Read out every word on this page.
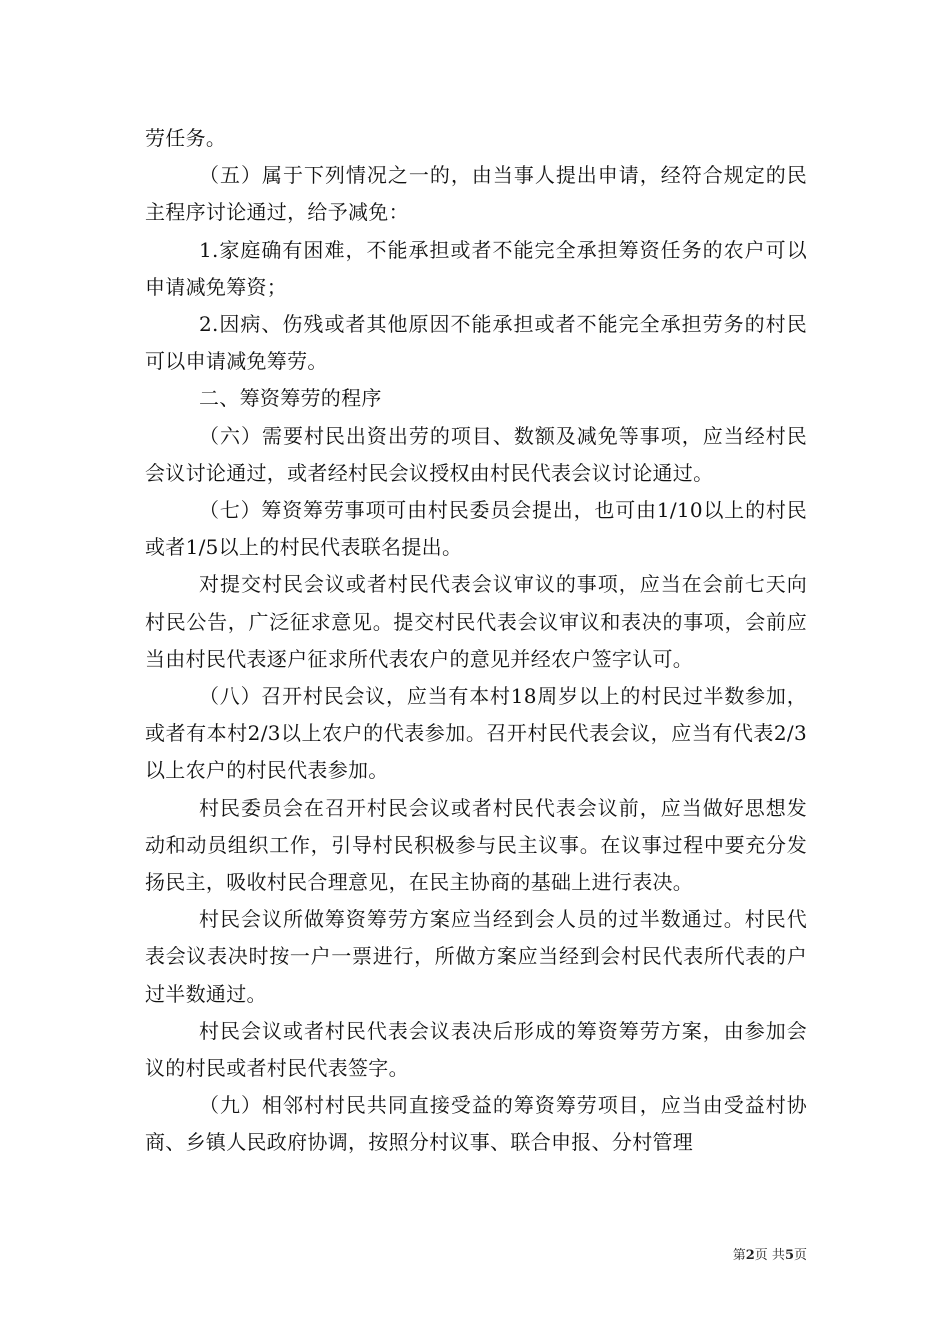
劳任务。

（五）属于下列情况之一的，由当事人提出申请，经符合规定的民主程序讨论通过，给予减免：

1.家庭确有困难，不能承担或者不能完全承担筹资任务的农户可以申请减免筹资；

2.因病、伤残或者其他原因不能承担或者不能完全承担劳务的村民可以申请减免筹劳。

二、筹资筹劳的程序

（六）需要村民出资出劳的项目、数额及减免等事项，应当经村民会议讨论通过，或者经村民会议授权由村民代表会议讨论通过。

（七）筹资筹劳事项可由村民委员会提出，也可由1/10以上的村民或者1/5以上的村民代表联名提出。

对提交村民会议或者村民代表会议审议的事项，应当在会前七天向村民公告，广泛征求意见。提交村民代表会议审议和表决的事项，会前应当由村民代表逐户征求所代表农户的意见并经农户签字认可。

（八）召开村民会议，应当有本村18周岁以上的村民过半数参加，或者有本村2/3以上农户的代表参加。召开村民代表会议，应当有代表2/3以上农户的村民代表参加。

村民委员会在召开村民会议或者村民代表会议前，应当做好思想发动和动员组织工作，引导村民积极参与民主议事。在议事过程中要充分发扬民主，吸收村民合理意见，在民主协商的基础上进行表决。

村民会议所做筹资筹劳方案应当经到会人员的过半数通过。村民代表会议表决时按一户一票进行，所做方案应当经到会村民代表所代表的户过半数通过。

村民会议或者村民代表会议表决后形成的筹资筹劳方案，由参加会议的村民或者村民代表签字。

（九）相邻村村民共同直接受益的筹资筹劳项目，应当由受益村协商、乡镇人民政府协调，按照分村议事、联合申报、分村管理

第2页 共5页
